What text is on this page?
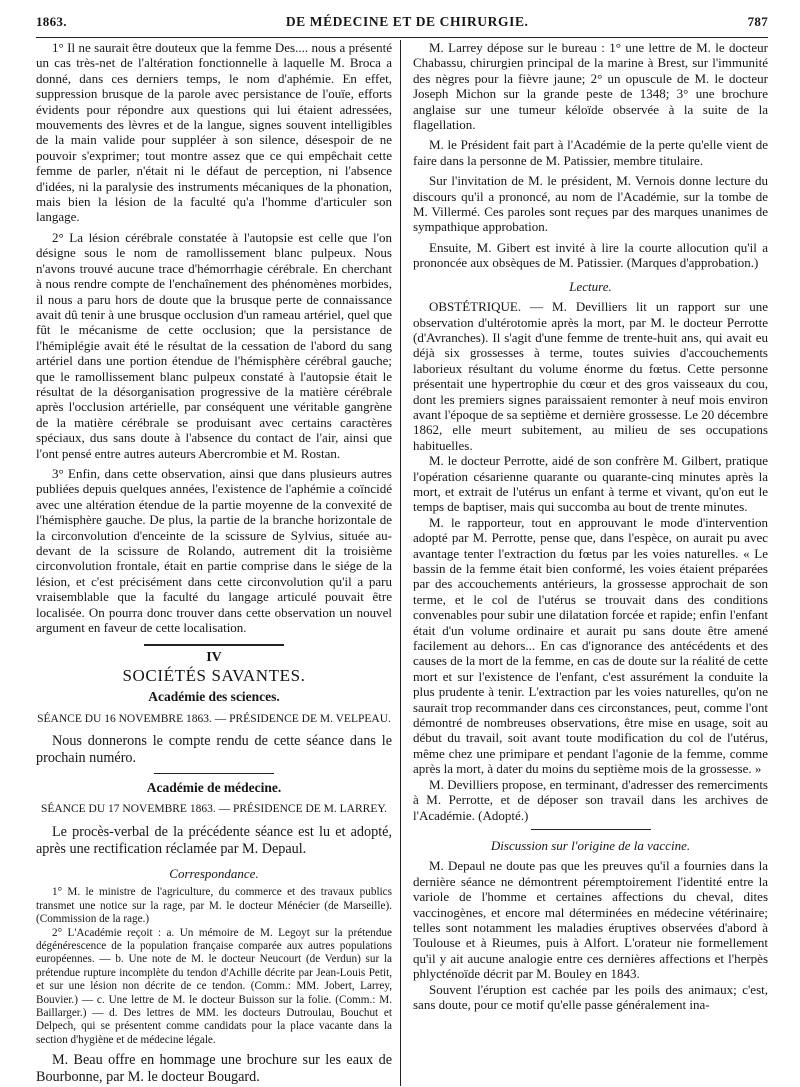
1863.	DE MÉDECINE ET DE CHIRURGIE.	787

1° Il ne saurait être douteux que la femme Des.... nous a présenté un cas très-net de l'altération fonctionnelle à laquelle M. Broca a donné, dans ces derniers temps, le nom d'aphémie. En effet, suppression brusque de la parole avec persistance de l'ouïe, efforts évidents pour répondre aux questions qui lui étaient adressées, mouvements des lèvres et de la langue, signes souvent intelligibles de la main valide pour suppléer à son silence, désespoir de ne pouvoir s'exprimer; tout montre assez que ce qui empêchait cette femme de parler, n'était ni le défaut de perception, ni l'absence d'idées, ni la paralysie des instruments mécaniques de la phonation, mais bien la lésion de la faculté qu'a l'homme d'articuler son langage.

2° La lésion cérébrale constatée à l'autopsie est celle que l'on désigne sous le nom de ramollissement blanc pulpeux. Nous n'avons trouvé aucune trace d'hémorrhagie cérébrale. En cherchant à nous rendre compte de l'enchaînement des phénomènes morbides, il nous a paru hors de doute que la brusque perte de connaissance avait dû tenir à une brusque occlusion d'un rameau artériel, quel que fût le mécanisme de cette occlusion; que la persistance de l'hémiplégie avait été le résultat de la cessation de l'abord du sang artériel dans une portion étendue de l'hémisphère cérébral gauche; que le ramollissement blanc pulpeux constaté à l'autopsie était le résultat de la désorganisation progressive de la matière cérébrale après l'occlusion artérielle, par conséquent une véritable gangrène de la matière cérébrale se produisant avec certains caractères spéciaux, dus sans doute à l'absence du contact de l'air, ainsi que l'ont pensé entre autres auteurs Abercrombie et M. Rostan.

3° Enfin, dans cette observation, ainsi que dans plusieurs autres publiées depuis quelques années, l'existence de l'aphémie a coïncidé avec une altération étendue de la partie moyenne de la convexité de l'hémisphère gauche. De plus, la partie de la branche horizontale de la circonvolution d'enceinte de la scissure de Sylvius, située au-devant de la scissure de Rolando, autrement dit la troisième circonvolution frontale, était en partie comprise dans le siége de la lésion, et c'est précisément dans cette circonvolution qu'il a paru vraisemblable que la faculté du langage articulé pouvait être localisée. On pourra donc trouver dans cette observation un nouvel argument en faveur de cette localisation.

IV
SOCIÉTÉS SAVANTES.
Académie des sciences.

SÉANCE DU 16 NOVEMBRE 1863. — PRÉSIDENCE DE M. VELPEAU.

Nous donnerons le compte rendu de cette séance dans le prochain numéro.

Académie de médecine.

SÉANCE DU 17 NOVEMBRE 1863. — PRÉSIDENCE DE M. LARREY.

Le procès-verbal de la précédente séance est lu et adopté, après une rectification réclamée par M. Depaul.

Correspondance.

1° M. le ministre de l'agriculture, du commerce et des travaux publics transmet une notice sur la rage, par M. le docteur Ménécier (de Marseille). (Commission de la rage.)

2° L'Académie reçoit : a. Un mémoire de M. Legoyt sur la prétendue dégénérescence de la population française comparée aux autres populations européennes. — b. Une note de M. le docteur Neucourt (de Verdun) sur la prétendue rupture incomplète du tendon d'Achille décrite par Jean-Louis Petit, et sur une lésion non décrite de ce tendon. (Comm.: MM. Jobert, Larrey, Bouvier.) — c. Une lettre de M. le docteur Buisson sur la folie. (Comm.: M. Baillarger.) — d. Des lettres de MM. les docteurs Dutroulau, Bouchut et Delpech, qui se présentent comme candidats pour la place vacante dans la section d'hygiène et de médecine légale.

M. Beau offre en hommage une brochure sur les eaux de Bourbonne, par M. le docteur Bougard.

M. Larrey dépose sur le bureau : 1° une lettre de M. le docteur Chabassu, chirurgien principal de la marine à Brest, sur l'immunité des nègres pour la fièvre jaune; 2° un opuscule de M. le docteur Joseph Michon sur la grande peste de 1348; 3° une brochure anglaise sur une tumeur kéloïde observée à la suite de la flagellation.

M. le Président fait part à l'Académie de la perte qu'elle vient de faire dans la personne de M. Patissier, membre titulaire.

Sur l'invitation de M. le président, M. Vernois donne lecture du discours qu'il a prononcé, au nom de l'Académie, sur la tombe de M. Villermé. Ces paroles sont reçues par des marques unanimes de sympathique approbation.

Ensuite, M. Gibert est invité à lire la courte allocution qu'il a prononcée aux obsèques de M. Patissier. (Marques d'approbation.)

Lecture.

OBSTÉTRIQUE. — M. Devilliers lit un rapport sur une observation d'ultérotomie après la mort, par M. le docteur Perrotte (d'Avranches). Il s'agit d'une femme de trente-huit ans, qui avait eu déjà six grossesses à terme, toutes suivies d'accouchements laborieux résultant du volume énorme du fœtus. Cette personne présentait une hypertrophie du cœur et des gros vaisseaux du cou, dont les premiers signes paraissaient remonter à neuf mois environ avant l'époque de sa septième et dernière grossesse. Le 20 décembre 1862, elle meurt subitement, au milieu de ses occupations habituelles.

M. le docteur Perrotte, aidé de son confrère M. Gilbert, pratique l'opération césarienne quarante ou quarante-cinq minutes après la mort, et extrait de l'utérus un enfant à terme et vivant, qu'on eut le temps de baptiser, mais qui succomba au bout de trente minutes.

M. le rapporteur, tout en approuvant le mode d'intervention adopté par M. Perrotte, pense que, dans l'espèce, on aurait pu avec avantage tenter l'extraction du fœtus par les voies naturelles. « Le bassin de la femme était bien conformé, les voies étaient préparées par des accouchements antérieurs, la grossesse approchait de son terme, et le col de l'utérus se trouvait dans des conditions convenables pour subir une dilatation forcée et rapide; enfin l'enfant était d'un volume ordinaire et aurait pu sans doute être amené facilement au dehors... En cas d'ignorance des antécédents et des causes de la mort de la femme, en cas de doute sur la réalité de cette mort et sur l'existence de l'enfant, c'est assurément la conduite la plus prudente à tenir. L'extraction par les voies naturelles, qu'on ne saurait trop recommander dans ces circonstances, peut, comme l'ont démontré de nombreuses observations, être mise en usage, soit au début du travail, soit avant toute modification du col de l'utérus, même chez une primipare et pendant l'agonie de la femme, comme après la mort, à dater du moins du septième mois de la grossesse. »

M. Devilliers propose, en terminant, d'adresser des remerciments à M. Perrotte, et de déposer son travail dans les archives de l'Académie. (Adopté.)

Discussion sur l'origine de la vaccine.

M. Depaul ne doute pas que les preuves qu'il a fournies dans la dernière séance ne démontrent péremptoirement l'identité entre la variole de l'homme et certaines affections du cheval, dites vaccinogènes, et encore mal déterminées en médecine vétérinaire; telles sont notamment les maladies éruptives observées d'abord à Toulouse et à Rieumes, puis à Alfort. L'orateur nie formellement qu'il y ait aucune analogie entre ces dernières affections et l'herpès phlycténoïde décrit par M. Bouley en 1843.

Souvent l'éruption est cachée par les poils des animaux; c'est, sans doute, pour ce motif qu'elle passe généralement ina-
